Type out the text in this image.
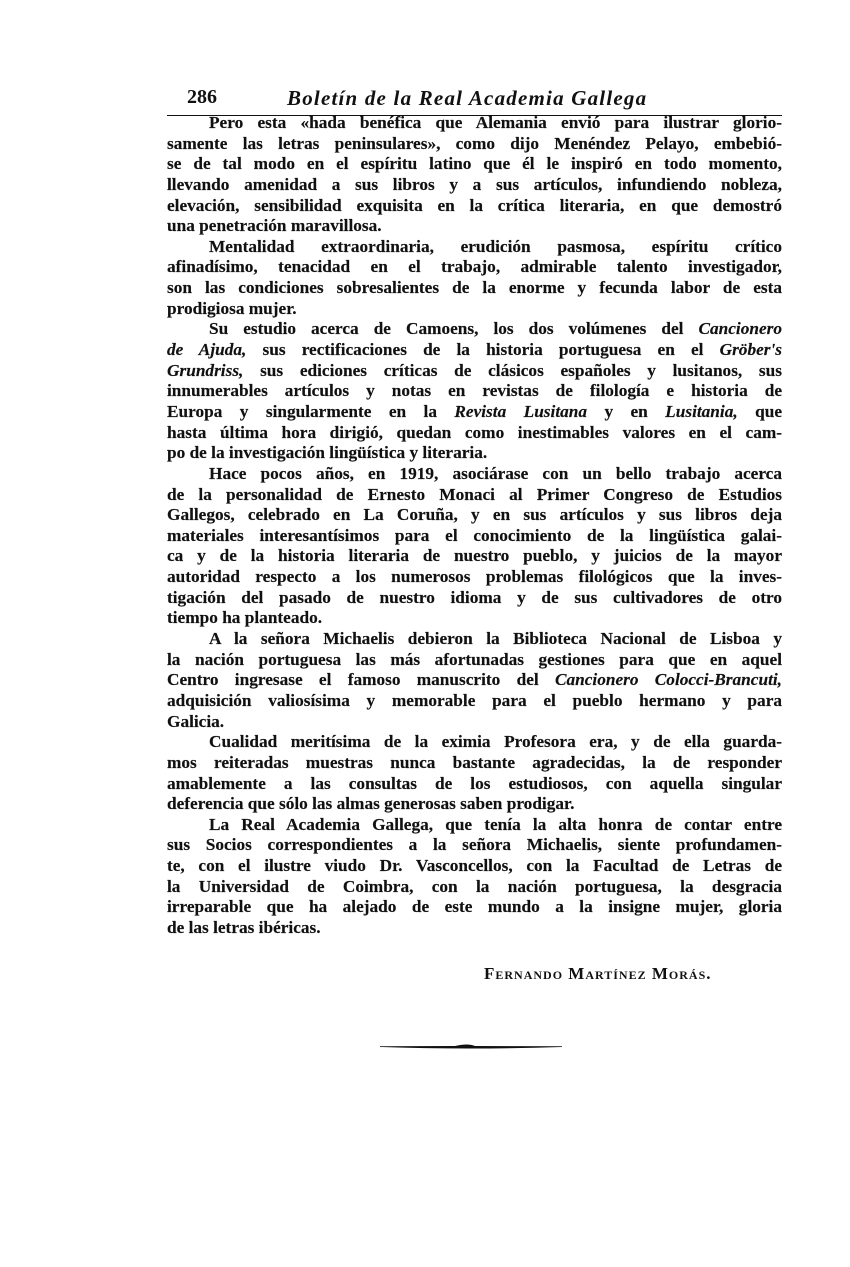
286	Boletín de la Real Academia Gallega
Pero esta «hada benéfica que Alemania envió para ilustrar glorio-
samente las letras peninsulares», como dijo Menéndez Pelayo, embebió-
se de tal modo en el espíritu latino que él le inspiró en todo momento,
llevando amenidad a sus libros y a sus artículos, infundiendo nobleza,
elevación, sensibilidad exquisita en la crítica literaria, en que demostró
una penetración maravillosa.
Mentalidad extraordinaria, erudición pasmosa, espíritu crítico
afinadísimo, tenacidad en el trabajo, admirable talento investigador,
son las condiciones sobresalientes de la enorme y fecunda labor de esta
prodigiosa mujer.
Su estudio acerca de Camoens, los dos volúmenes del Cancionero
de Ajuda, sus rectificaciones de la historia portuguesa en el Gröber's
Grundriss, sus ediciones críticas de clásicos españoles y lusitanos, sus
innumerables artículos y notas en revistas de filología e historia de
Europa y singularmente en la Revista Lusitana y en Lusitania, que
hasta última hora dirigió, quedan como inestimables valores en el cam-
po de la investigación lingüística y literaria.
Hace pocos años, en 1919, asociárase con un bello trabajo acerca
de la personalidad de Ernesto Monaci al Primer Congreso de Estudios
Gallegos, celebrado en La Coruña, y en sus artículos y sus libros deja
materiales interesantísimos para el conocimiento de la lingüística galai-
ca y de la historia literaria de nuestro pueblo, y juicios de la mayor
autoridad respecto a los numerosos problemas filológicos que la inves-
tigación del pasado de nuestro idioma y de sus cultivadores de otro
tiempo ha planteado.
A la señora Michaelis debieron la Biblioteca Nacional de Lisboa y
la nación portuguesa las más afortunadas gestiones para que en aquel
Centro ingresase el famoso manuscrito del Cancionero Colocci-Brancuti,
adquisición valiosísima y memorable para el pueblo hermano y para
Galicia.
Cualidad meritísima de la eximia Profesora era, y de ella guarda-
mos reiteradas muestras nunca bastante agradecidas, la de responder
amablemente a las consultas de los estudiosos, con aquella singular
deferencia que sólo las almas generosas saben prodigar.
La Real Academia Gallega, que tenía la alta honra de contar entre
sus Socios correspondientes a la señora Michaelis, siente profundamen-
te, con el ilustre viudo Dr. Vasconcellos, con la Facultad de Letras de
la Universidad de Coimbra, con la nación portuguesa, la desgracia
irreparable que ha alejado de este mundo a la insigne mujer, gloria
de las letras ibéricas.
Fernando Martínez Morás.
